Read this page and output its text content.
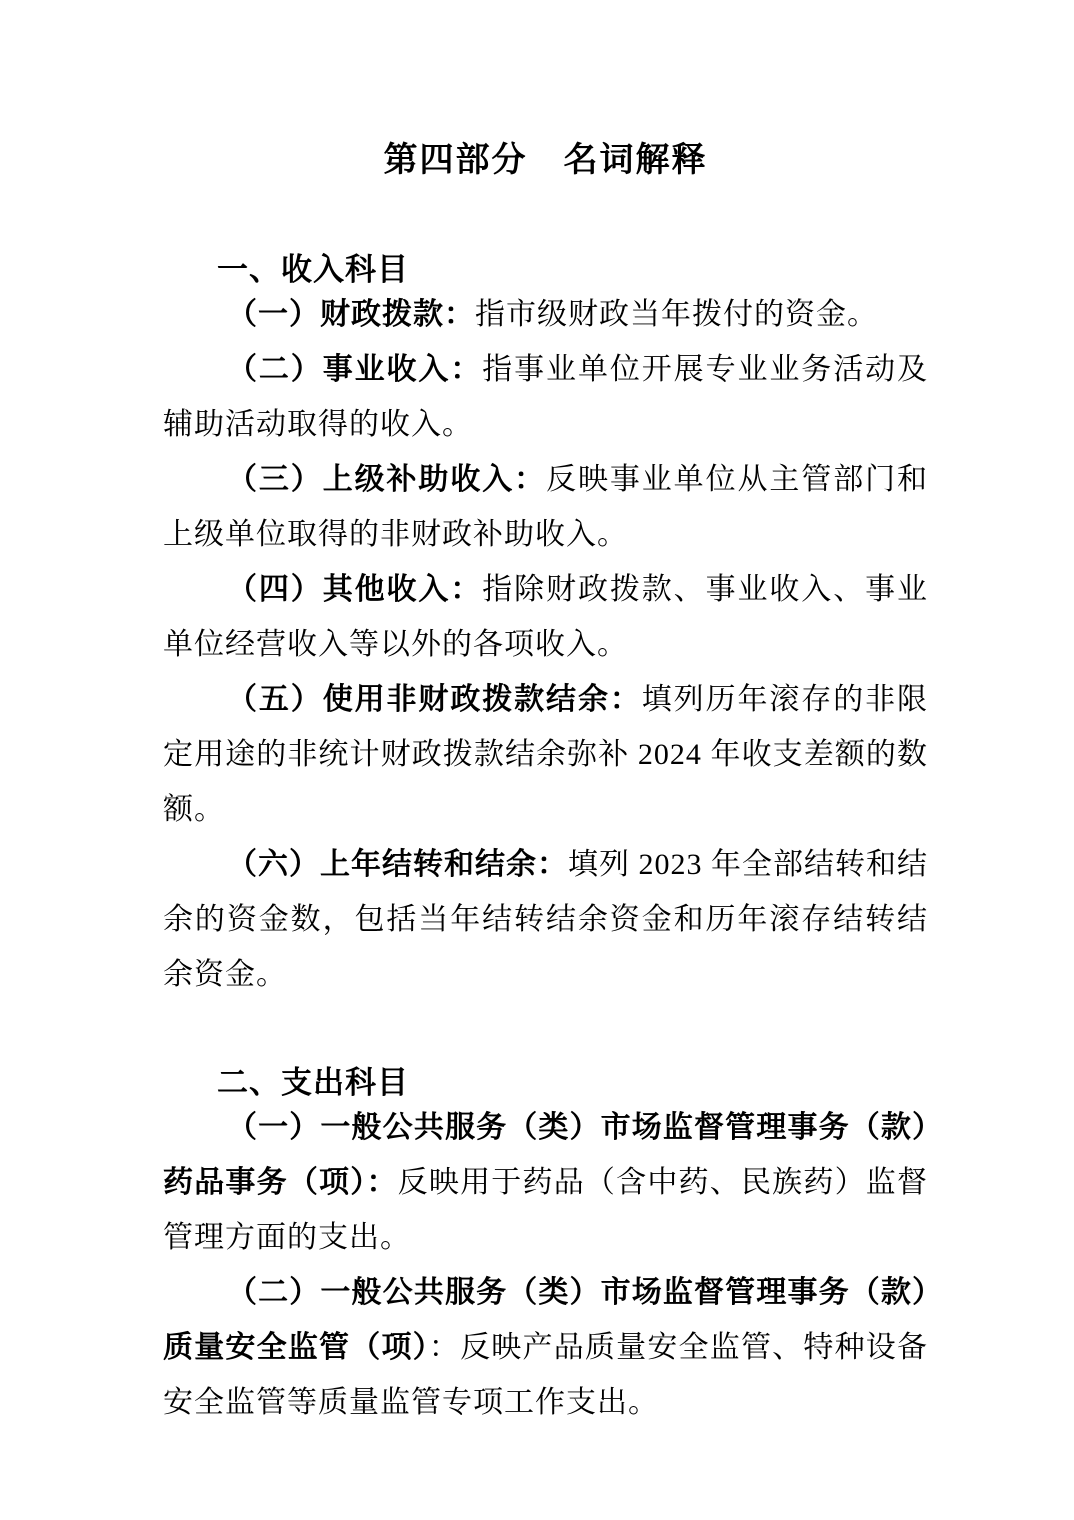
第四部分　名词解释
一、收入科目

（一）财政拨款：指市级财政当年拨付的资金。

（二）事业收入：指事业单位开展专业业务活动及辅助活动取得的收入。

（三）上级补助收入：反映事业单位从主管部门和上级单位取得的非财政补助收入。

（四）其他收入：指除财政拨款、事业收入、事业单位经营收入等以外的各项收入。

（五）使用非财政拨款结余：填列历年滚存的非限定用途的非统计财政拨款结余弥补 2024 年收支差额的数额。

（六）上年结转和结余：填列 2023 年全部结转和结余的资金数，包括当年结转结余资金和历年滚存结转结余资金。

二、支出科目

（一）一般公共服务（类）市场监督管理事务（款）药品事务（项）：反映用于药品（含中药、民族药）监督管理方面的支出。

（二）一般公共服务（类）市场监督管理事务（款）质量安全监管（项）：反映产品质量安全监管、特种设备安全监管等质量监管专项工作支出。
